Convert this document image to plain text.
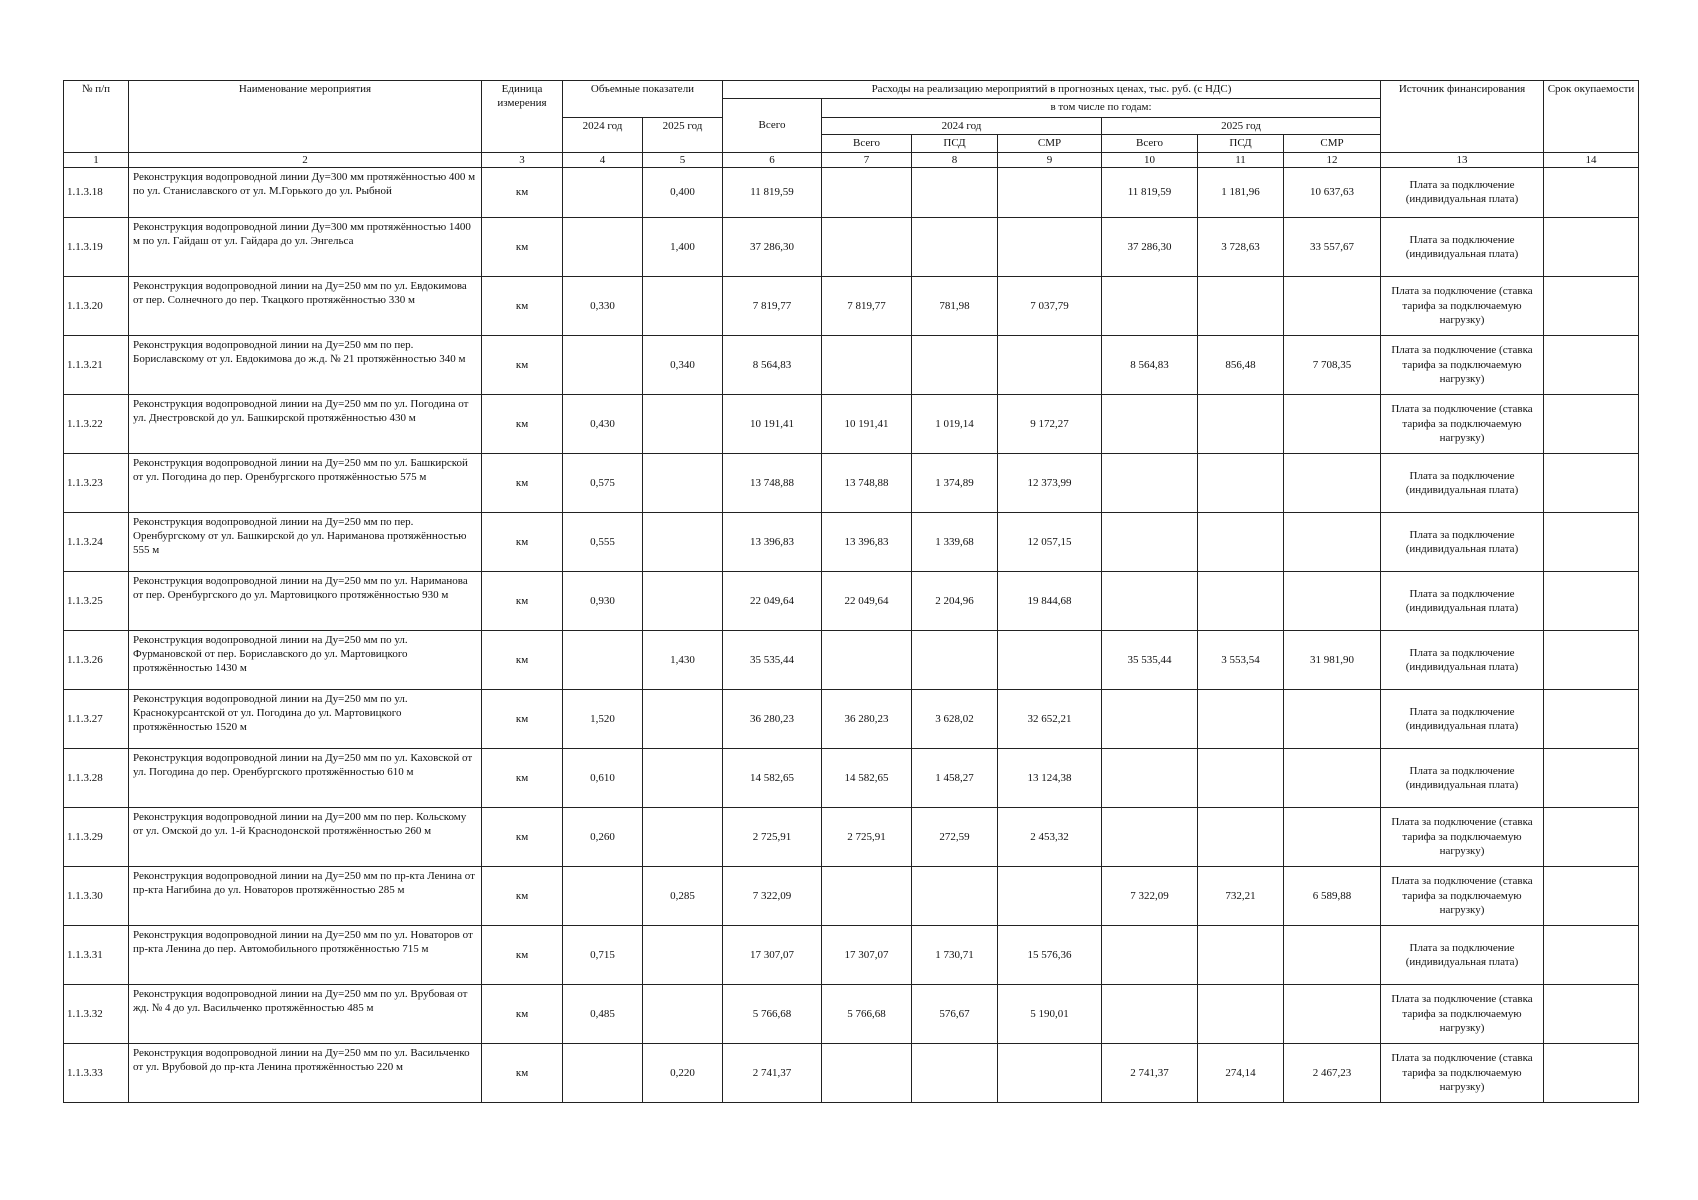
№ п/п	Наименование мероприятия	Единица измерения	Объемные показатели		Расходы на реализацию мероприятий в прогнозных ценах, тыс. руб. (с НДС)							Источник финансирования	Срок окупаемости
					Всего	в том числе по годам:							
			2024 год	2025 год		2024 год			2025 год				
						Всего	ПСД	СМР	Всего	ПСД	СМР		
1	2	3	4	5	6	7	8	9	10	11	12	13	14
1.1.3.18	Реконструкция водопроводной линии Ду=300 мм протяжённостью 400 м по ул. Станиславского от ул. М.Горького до ул. Рыбной	км		0,400	11 819,59				11 819,59	1 181,96	10 637,63	Плата за подключение (индивидуальная плата)	
1.1.3.19	Реконструкция водопроводной линии Ду=300 мм протяжённостью 1400 м по ул. Гайдаш от ул. Гайдара до ул. Энгельса	км		1,400	37 286,30				37 286,30	3 728,63	33 557,67	Плата за подключение (индивидуальная плата)	
1.1.3.20	Реконструкция водопроводной линии на Ду=250 мм по ул. Евдокимова от пер. Солнечного до пер. Ткацкого протяжённостью 330 м	км	0,330		7 819,77	7 819,77	781,98	7 037,79				Плата за подключение (ставка тарифа за подключаемую нагрузку)	
1.1.3.21	Реконструкция водопроводной линии на Ду=250 мм по пер. Бориславскому от ул. Евдокимова до ж.д. № 21 протяжённостью 340 м	км		0,340	8 564,83				8 564,83	856,48	7 708,35	Плата за подключение (ставка тарифа за подключаемую нагрузку)	
1.1.3.22	Реконструкция водопроводной линии на Ду=250 мм по ул. Погодина от ул. Днестровской до ул. Башкирской протяжённостью 430 м	км	0,430		10 191,41	10 191,41	1 019,14	9 172,27				Плата за подключение (ставка тарифа за подключаемую нагрузку)	
1.1.3.23	Реконструкция водопроводной линии на Ду=250 мм по ул. Башкирской от ул. Погодина до пер. Оренбургского протяжённостью 575 м	км	0,575		13 748,88	13 748,88	1 374,89	12 373,99				Плата за подключение (индивидуальная плата)	
1.1.3.24	Реконструкция водопроводной линии на Ду=250 мм по пер. Оренбургскому от ул. Башкирской до ул. Нариманова протяжённостью 555 м	км	0,555		13 396,83	13 396,83	1 339,68	12 057,15				Плата за подключение (индивидуальная плата)	
1.1.3.25	Реконструкция водопроводной линии на Ду=250 мм по ул. Нариманова от пер. Оренбургского до ул. Мартовицкого протяжённостью 930 м	км	0,930		22 049,64	22 049,64	2 204,96	19 844,68				Плата за подключение (индивидуальная плата)	
1.1.3.26	Реконструкция водопроводной линии на Ду=250 мм по ул. Фурмановской от пер. Бориславского до ул. Мартовицкого протяжённостью 1430 м	км		1,430	35 535,44				35 535,44	3 553,54	31 981,90	Плата за подключение (индивидуальная плата)	
1.1.3.27	Реконструкция водопроводной линии на Ду=250 мм по ул. Краснокурсантской от ул. Погодина до ул. Мартовицкого протяжённостью 1520 м	км	1,520		36 280,23	36 280,23	3 628,02	32 652,21				Плата за подключение (индивидуальная плата)	
1.1.3.28	Реконструкция водопроводной линии на Ду=250 мм по ул. Каховской от ул. Погодина до пер. Оренбургского протяжённостью 610 м	км	0,610		14 582,65	14 582,65	1 458,27	13 124,38				Плата за подключение (индивидуальная плата)	
1.1.3.29	Реконструкция водопроводной линии на Ду=200 мм по пер. Кольскому от ул. Омской до ул. 1-й Краснодонской протяжённостью 260 м	км	0,260		2 725,91	2 725,91	272,59	2 453,32				Плата за подключение (ставка тарифа за подключаемую нагрузку)	
1.1.3.30	Реконструкция водопроводной линии на Ду=250 мм по пр-кта Ленина от пр-кта Нагибина до ул. Новаторов протяжённостью 285 м	км		0,285	7 322,09				7 322,09	732,21	6 589,88	Плата за подключение (ставка тарифа за подключаемую нагрузку)	
1.1.3.31	Реконструкция водопроводной линии на Ду=250 мм по ул. Новаторов от пр-кта Ленина до пер. Автомобильного протяжённостью 715 м	км	0,715		17 307,07	17 307,07	1 730,71	15 576,36				Плата за подключение (индивидуальная плата)	
1.1.3.32	Реконструкция водопроводной линии на Ду=250 мм по ул. Врубовая от жд. № 4 до ул. Васильченко протяжённостью 485 м	км	0,485		5 766,68	5 766,68	576,67	5 190,01				Плата за подключение (ставка тарифа за подключаемую нагрузку)	
1.1.3.33	Реконструкция водопроводной линии на Ду=250 мм по ул. Васильченко от ул. Врубовой до пр-кта Ленина протяжённостью 220 м	км		0,220	2 741,37				2 741,37	274,14	2 467,23	Плата за подключение (ставка тарифа за подключаемую нагрузку)	
